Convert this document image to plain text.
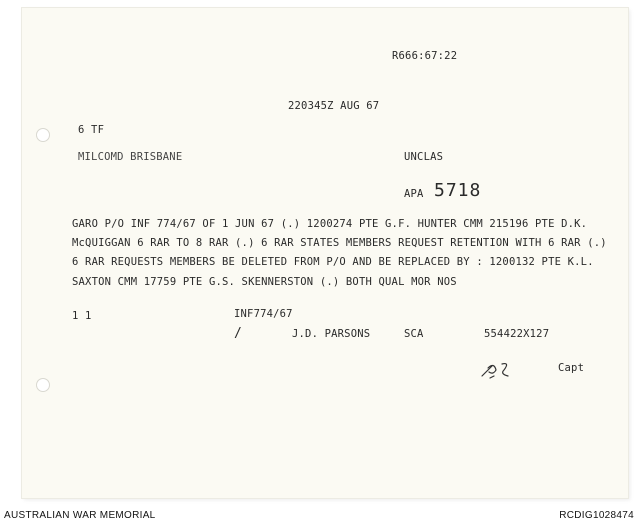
R666:67:22
220345Z AUG 67
6 TF
MILCOMD BRISBANE	UNCLAS
APA 5718
GARO P/O INF 774/67 OF 1 JUN 67 (.) 1200274 PTE G.F. HUNTER CMM 215196 PTE D.K.
McQUIGGAN 6 RAR TO 8 RAR (.) 6 RAR STATES MEMBERS REQUEST RETENTION WITH 6 RAR (.)
6 RAR REQUESTS MEMBERS BE DELETED FROM P/O AND BE REPLACED BY : 1200132 PTE K.L.
SAXTON CMM 17759 PTE G.S. SKENNERSTON (.) BOTH QUAL MOR NOS
1 1	INF774/67
/	J.D. PARSONS	SCA	554422X127
Capt
AUSTRALIAN WAR MEMORIAL	RCDIG1028474
